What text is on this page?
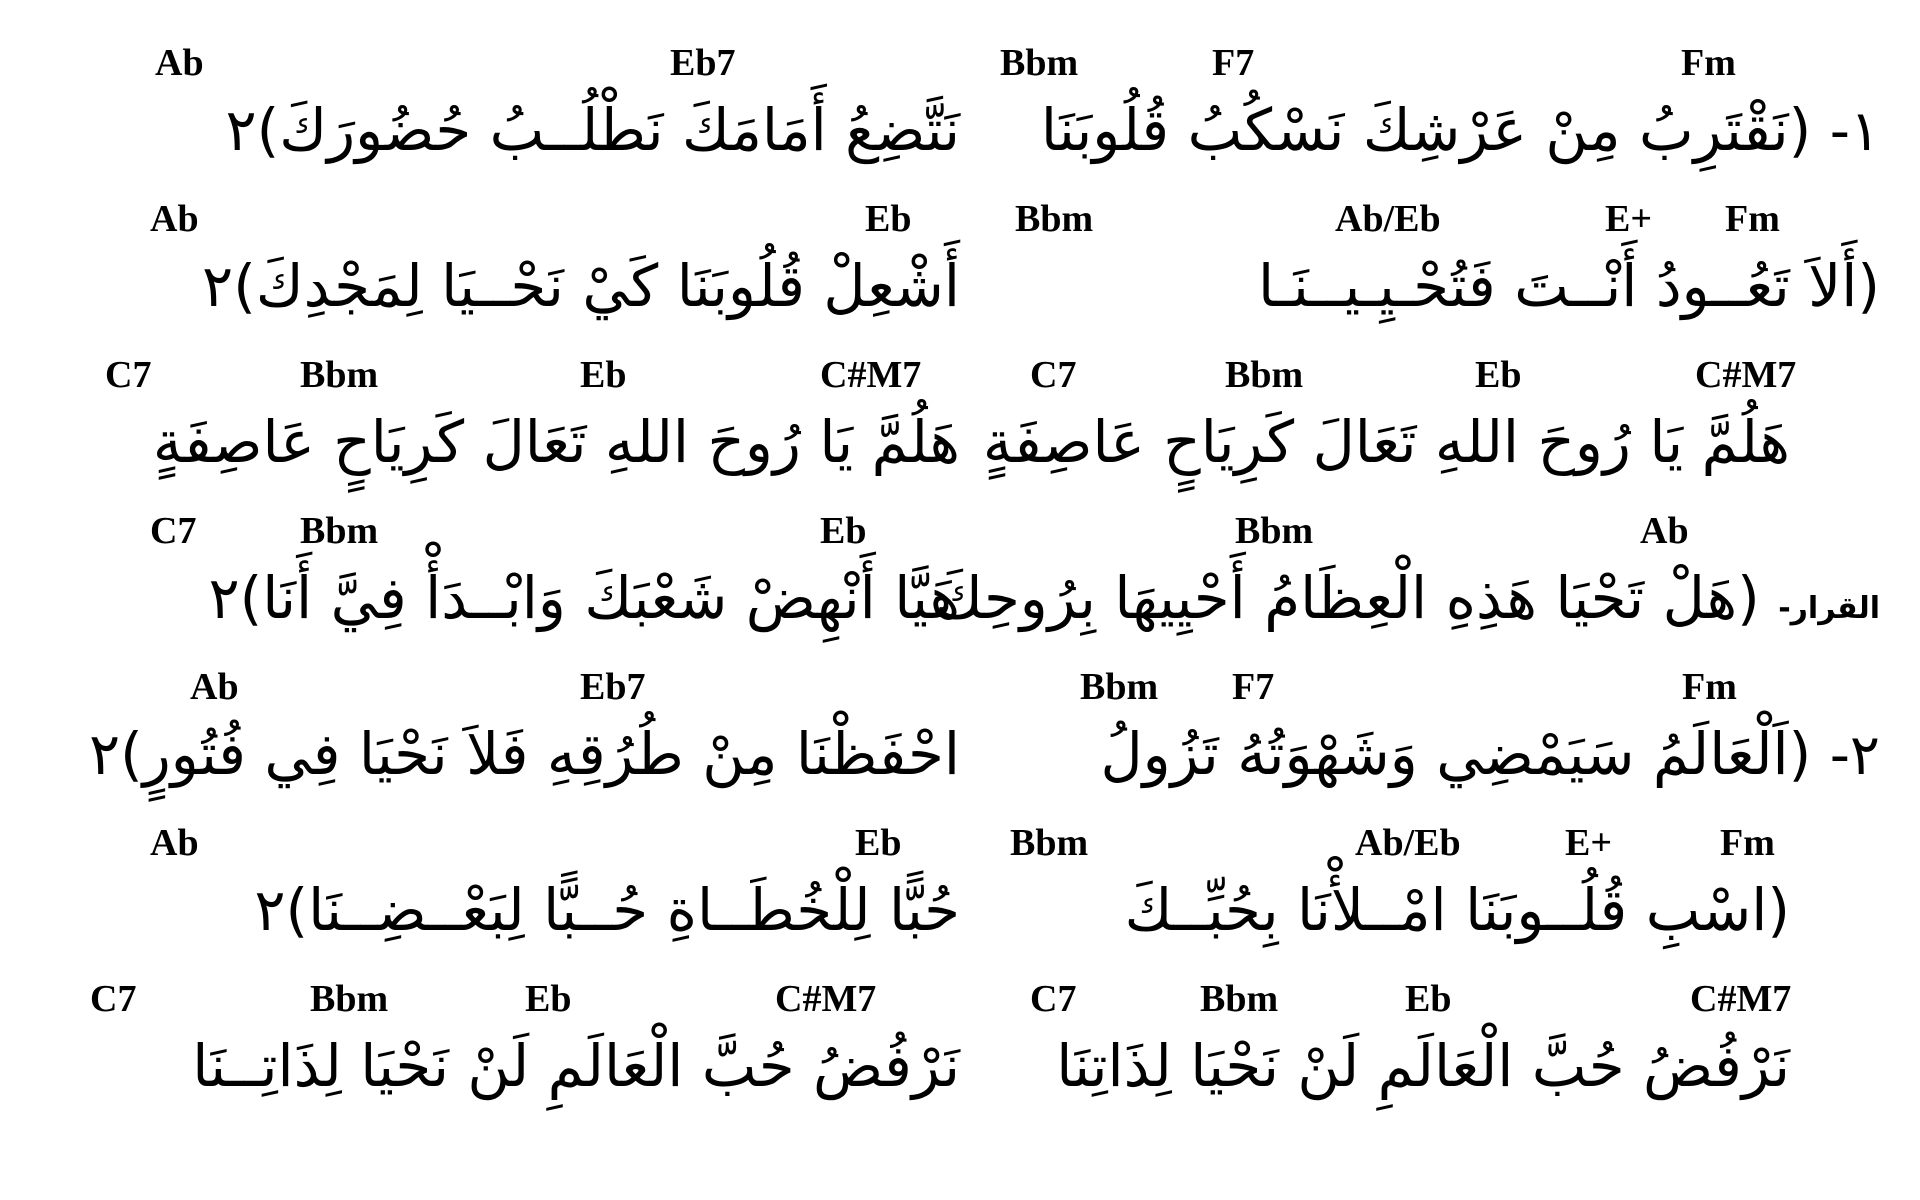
Bbm	F7	Fm
١- (نَقْتَرِبُ مِنْ عَرْشِكَ نَسْكُبُ قُلُوبَنَا
Bbm	Ab/Eb	E+ Fm
(أَلاَ تَعُــودُ أَنْــتَ فَتُحْـيِـيــنَـا
C7	Bbm	Eb	C#M7
هَلُمَّ يَا رُوحَ اللهِ تَعَالَ كَرِيَاحٍ عَاصِفَةٍ
Bbm	Ab
القرار- (هَلْ تَحْيَا هَذِهِ الْعِظَامُ أَحْيِيهَا بِرُوحِكَ
Bbm F7	Fm
٢- (اَلْعَالَمُ سَيَمْضِي وَشَهْوَتُهُ تَزُولُ
Bbm	Ab/Eb	E+	Fm
(اسْبِ قُلُــوبَنَا امْــلأْنَا بِحُبِّــكَ
C7	Bbm	Eb	C#M7
نَرْفُضُ حُبَّ الْعَالَمِ لَنْ نَحْيَا لِذَاتِنَا
Ab	Eb7
نَتَّضِعُ أَمَامَكَ نَطْلُــبُ حُضُورَكَ)٢
Ab	Eb
أَشْعِلْ قُلُوبَنَا كَيْ نَحْــيَا لِمَجْدِكَ)٢
C7	Bbm	Eb	C#M7
هَلُمَّ يَا رُوحَ اللهِ تَعَالَ كَرِيَاحٍ عَاصِفَةٍ
C7	Bbm	Eb
هَيَّا أَنْهِضْ شَعْبَكَ وَابْــدَأْ فِيَّ أَنَا)٢
Ab	Eb7
احْفَظْنَا مِنْ طُرُقِهِ فَلاَ نَحْيَا فِي فُتُورٍ)٢
Ab	Eb
حُبًّا لِلْخُطَــاةِ حُــبًّا لِبَعْــضِــنَا)٢
C7	Bbm	Eb	C#M7
نَرْفُضُ حُبَّ الْعَالَمِ لَنْ نَحْيَا لِذَاتِــنَا
